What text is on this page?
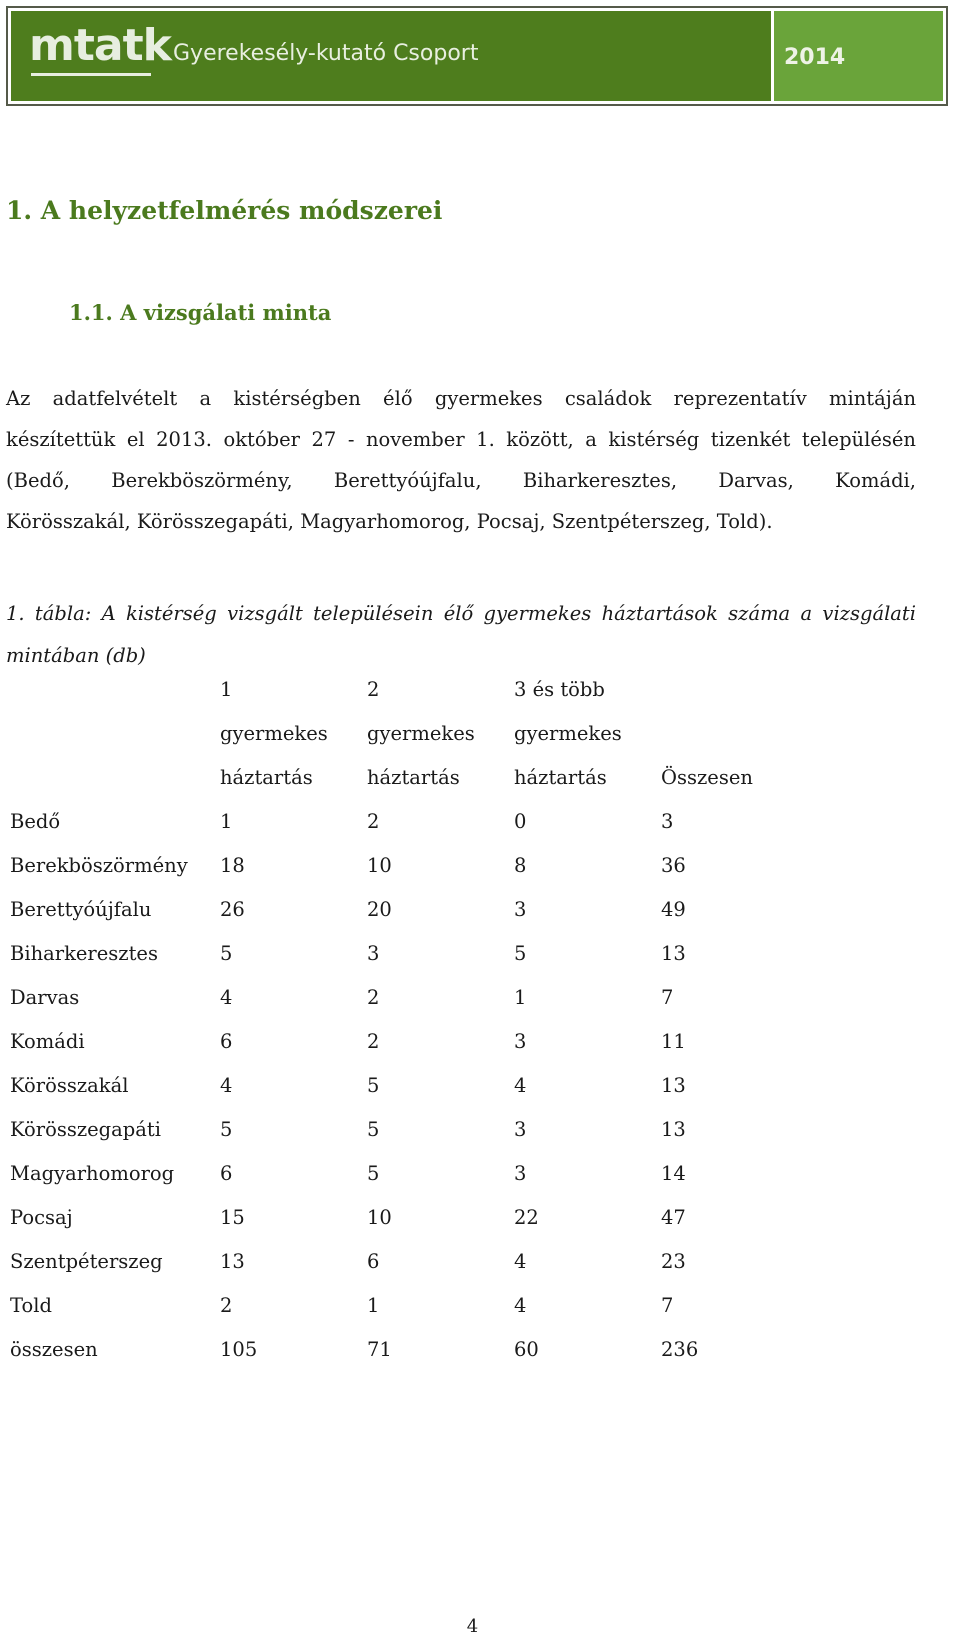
mtatk Gyerekesély-kutató Csoport	2014
1. A helyzetfelmérés módszerei
1.1. A vizsgálati minta

Az adatfelvételt a kistérségben élő gyermekes családok reprezentatív mintáján
készítettük el 2013. október 27 - november 1. között, a kistérség tizenkét településén
(Bedő, Berekböszörmény, Berettyóújfalu, Biharkeresztes, Darvas, Komádi,
Körösszakál, Körösszegapáti, Magyarhomorog, Pocsaj, Szentpéterszeg, Told).

1. tábla: A kistérség vizsgált településein élő gyermekes háztartások száma a vizsgálati
mintában (db)

	1
gyermekes
háztartás	2
gyermekes
háztartás	3 és több
gyermekes
háztartás	Összesen

Bedő	1	2	0	3
Berekböszörmény	18	10	8	36
Berettyóújfalu	26	20	3	49
Biharkeresztes	5	3	5	13
Darvas	4	2	1	7
Komádi	6	2	3	11
Körösszakál	4	5	4	13
Körösszegapáti	5	5	3	13
Magyarhomorog	6	5	3	14
Pocsaj	15	10	22	47
Szentpéterszeg	13	6	4	23
Told	2	1	4	7
összesen	105	71	60	236
4
